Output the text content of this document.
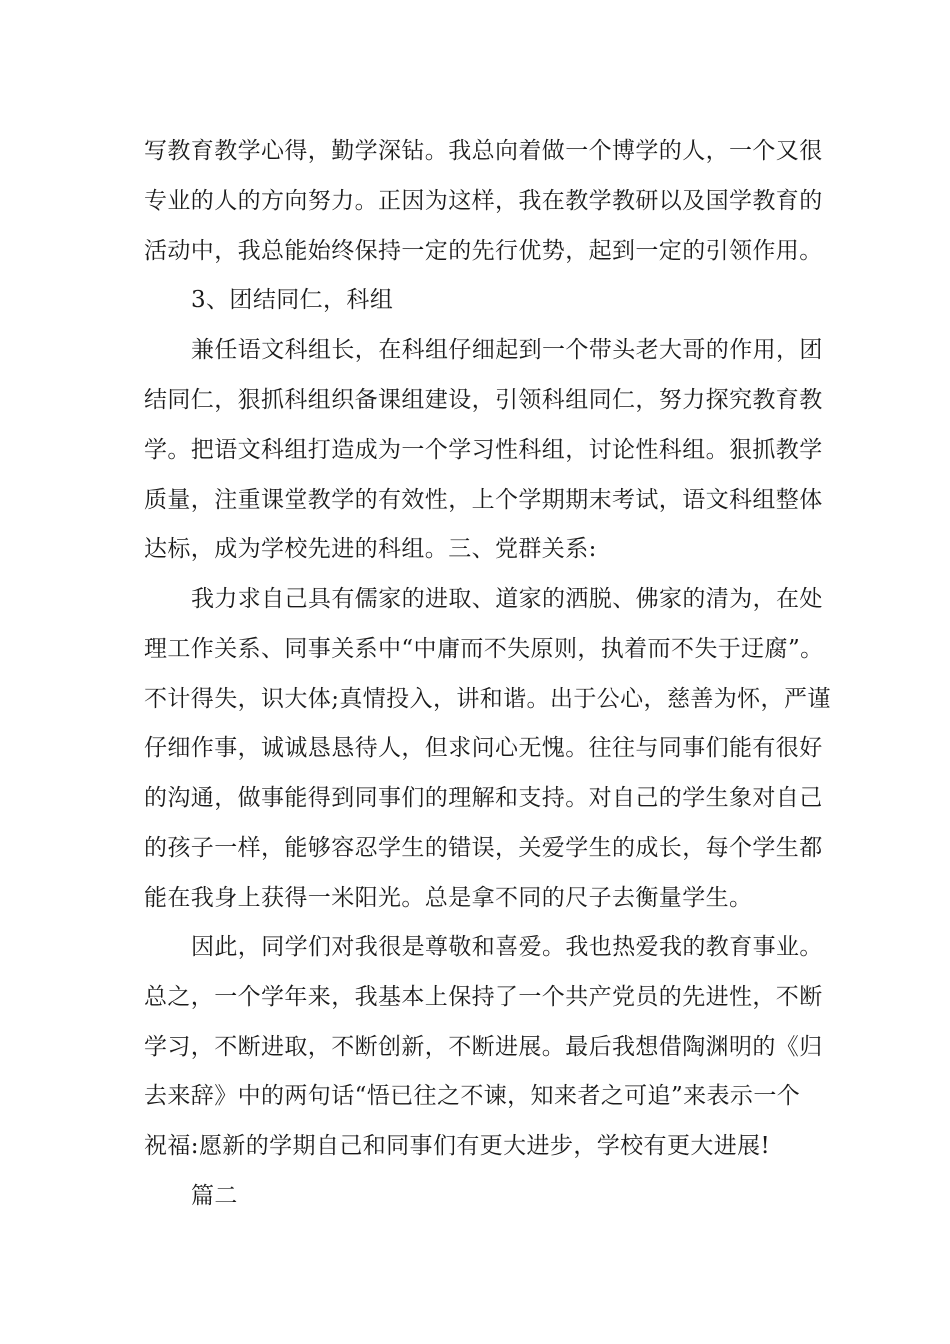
写教育教学心得，勤学深钻。我总向着做一个博学的人，一个又很
专业的人的方向努力。正因为这样，我在教学教研以及国学教育的
活动中，我总能始终保持一定的先行优势，起到一定的引领作用。
3、团结同仁，科组
兼任语文科组长，在科组仔细起到一个带头老大哥的作用，团
结同仁，狠抓科组织备课组建设，引领科组同仁，努力探究教育教
学。把语文科组打造成为一个学习性科组，讨论性科组。狠抓教学
质量，注重课堂教学的有效性，上个学期期末考试，语文科组整体
达标，成为学校先进的科组。三、党群关系:
我力求自己具有儒家的进取、道家的洒脱、佛家的清为，在处
理工作关系、同事关系中“中庸而不失原则，执着而不失于迂腐”。
不计得失，识大体;真情投入，讲和谐。出于公心，慈善为怀，严谨
仔细作事，诚诚恳恳待人，但求问心无愧。往往与同事们能有很好
的沟通，做事能得到同事们的理解和支持。对自己的学生象对自己
的孩子一样，能够容忍学生的错误，关爱学生的成长，每个学生都
能在我身上获得一米阳光。总是拿不同的尺子去衡量学生。
因此，同学们对我很是尊敬和喜爱。我也热爱我的教育事业。
总之，一个学年来，我基本上保持了一个共产党员的先进性，不断
学习，不断进取，不断创新，不断进展。最后我想借陶渊明的《归
去来辞》中的两句话“悟已往之不谏，知来者之可追”来表示一个
祝福:愿新的学期自己和同事们有更大进步，学校有更大进展!
篇二
